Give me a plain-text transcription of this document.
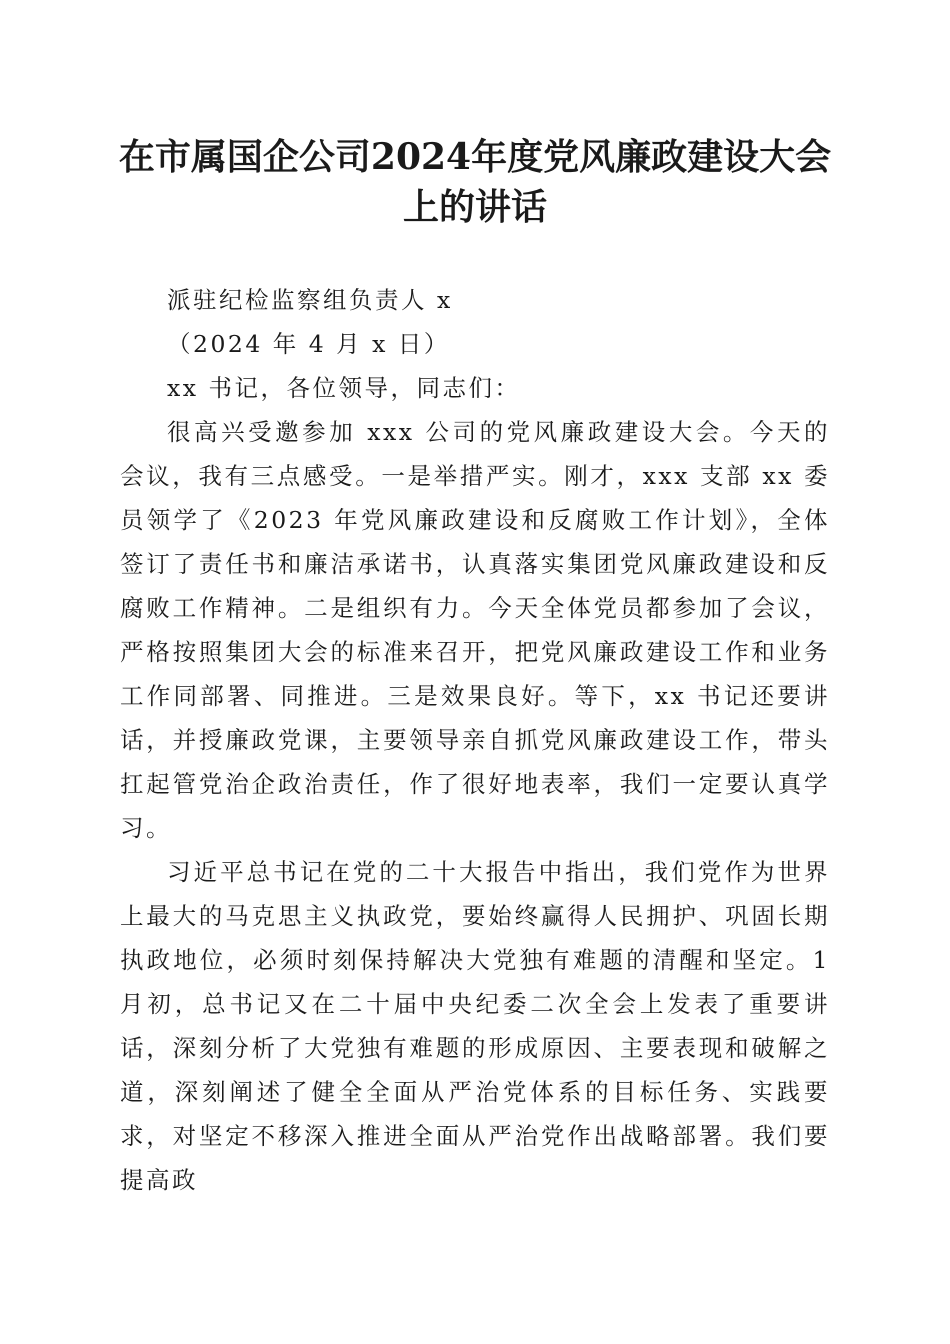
在市属国企公司2024年度党风廉政建设大会
上的讲话
派驻纪检监察组负责人 x
（2024 年 4 月 x 日）
xx 书记，各位领导，同志们：

很高兴受邀参加 xxx 公司的党风廉政建设大会。今天的会议，我有三点感受。一是举措严实。刚才，xxx 支部 xx 委员领学了《2023 年党风廉政建设和反腐败工作计划》，全体签订了责任书和廉洁承诺书，认真落实集团党风廉政建设和反腐败工作精神。二是组织有力。今天全体党员都参加了会议，严格按照集团大会的标准来召开，把党风廉政建设工作和业务工作同部署、同推进。三是效果良好。等下，xx 书记还要讲话，并授廉政党课，主要领导亲自抓党风廉政建设工作，带头扛起管党治企政治责任，作了很好地表率，我们一定要认真学习。

习近平总书记在党的二十大报告中指出，我们党作为世界上最大的马克思主义执政党，要始终赢得人民拥护、巩固长期执政地位，必须时刻保持解决大党独有难题的清醒和坚定。1 月初，总书记又在二十届中央纪委二次全会上发表了重要讲话，深刻分析了大党独有难题的形成原因、主要表现和破解之道，深刻阐述了健全全面从严治党体系的目标任务、实践要求，对坚定不移深入推进全面从严治党作出战略部署。我们要提高政
